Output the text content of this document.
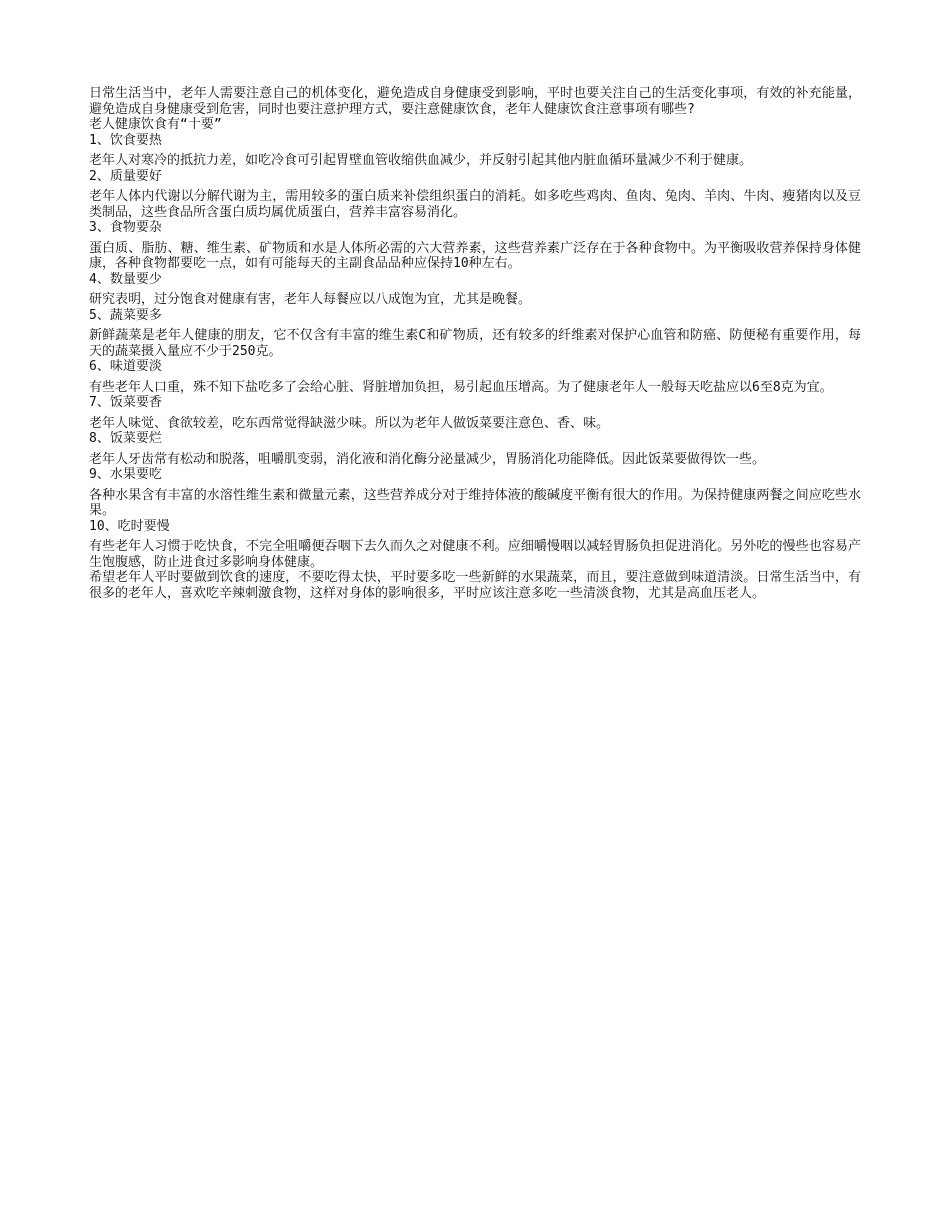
日常生活当中，老年人需要注意自己的机体变化，避免造成自身健康受到影响，平时也要关注自己的生活变化事项，有效的补充能量，避免造成自身健康受到危害，同时也要注意护理方式，要注意健康饮食，老年人健康饮食注意事项有哪些?

老人健康饮食有“十要”

1、饮食要热

老年人对寒冷的抵抗力差，如吃冷食可引起胃壁血管收缩供血减少，并反射引起其他内脏血循环量减少不利于健康。

2、质量要好

老年人体内代谢以分解代谢为主，需用较多的蛋白质来补偿组织蛋白的消耗。如多吃些鸡肉、鱼肉、兔肉、羊肉、牛肉、瘦猪肉以及豆类制品，这些食品所含蛋白质均属优质蛋白，营养丰富容易消化。

3、食物要杂

蛋白质、脂肪、糖、维生素、矿物质和水是人体所必需的六大营养素，这些营养素广泛存在于各种食物中。为平衡吸收营养保持身体健康，各种食物都要吃一点，如有可能每天的主副食品品种应保持10种左右。

4、数量要少

研究表明，过分饱食对健康有害，老年人每餐应以八成饱为宜，尤其是晚餐。

5、蔬菜要多

新鲜蔬菜是老年人健康的朋友，它不仅含有丰富的维生素C和矿物质，还有较多的纤维素对保护心血管和防癌、防便秘有重要作用，每天的蔬菜摄入量应不少于250克。

6、味道要淡

有些老年人口重，殊不知下盐吃多了会给心脏、肾脏增加负担，易引起血压增高。为了健康老年人一般每天吃盐应以6至8克为宜。

7、饭菜要香

老年人味觉、食欲较差，吃东西常觉得缺滋少味。所以为老年人做饭菜要注意色、香、味。

8、饭菜要烂

老年人牙齿常有松动和脱落，咀嚼肌变弱，消化液和消化酶分泌量减少，胃肠消化功能降低。因此饭菜要做得饮一些。

9、水果要吃

各种水果含有丰富的水溶性维生素和微量元素，这些营养成分对于维持体液的酸碱度平衡有很大的作用。为保持健康两餐之间应吃些水果。

10、吃时要慢

有些老年人习惯于吃快食，不完全咀嚼便吞咽下去久而久之对健康不利。应细嚼慢咽以减轻胃肠负担促进消化。另外吃的慢些也容易产生饱腹感，防止进食过多影响身体健康。

希望老年人平时要做到饮食的速度，不要吃得太快，平时要多吃一些新鲜的水果蔬菜，而且，要注意做到味道清淡。日常生活当中，有很多的老年人，喜欢吃辛辣刺激食物，这样对身体的影响很多，平时应该注意多吃一些清淡食物，尤其是高血压老人。
